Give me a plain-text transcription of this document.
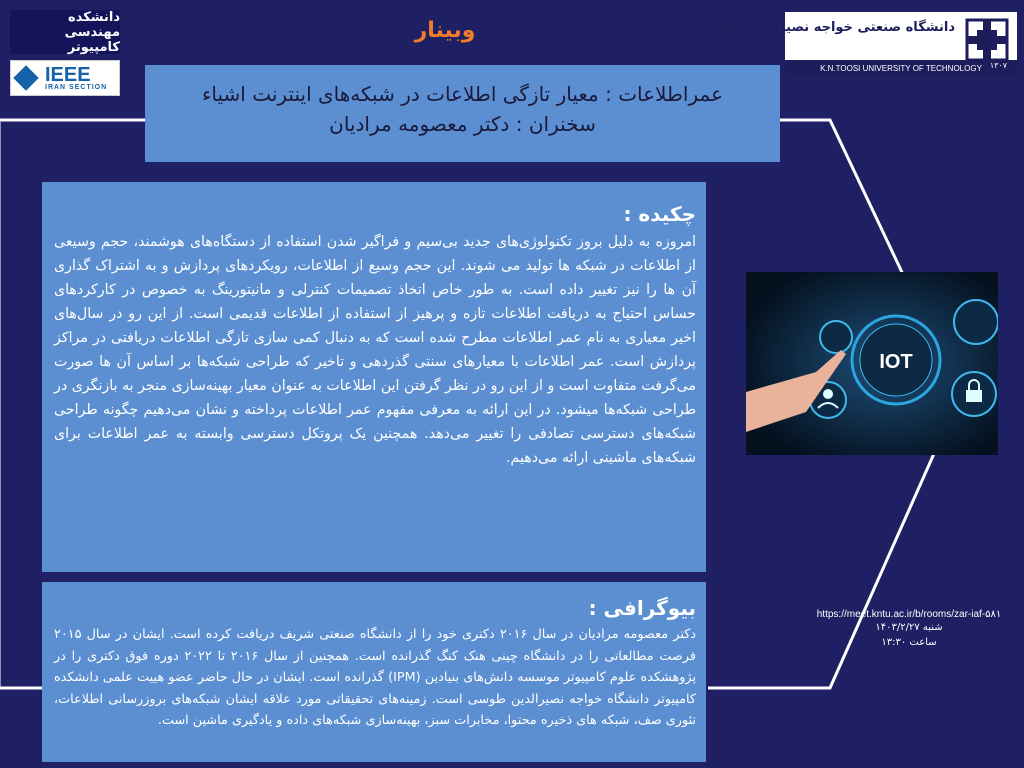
دانشکده مهندسی کامپیوتر
IEEE
IRAN SECTION
وبینار	دانشگاه صنعتی خواجه نصیرالدین طوسی
K.N.TOOSI UNIVERSITY OF TECHNOLOGY ۱۳۰۷
عمراطلاعات : معیار تازگی اطلاعات در شبکه‌های اینترنت اشیاء
سخنران : دکتر معصومه مرادیان
چکیده :

امروزه به دلیل بروز تکنولوژی‌های جدید بی‌سیم و فراگیر شدن استفاده از دستگاه‌های هوشمند، حجم وسیعی از اطلاعات در شبکه ها تولید می شوند. این حجم وسیع از اطلاعات، رویکردهای پردازش و به اشتراک گذاری آن ها را نیز تغییر داده است. به طور خاص اتخاذ تصمیمات کنترلی و مانیتورینگ به خصوص در کارکردهای حساس احتیاج به دریافت اطلاعات تازه و پرهیز از استفاده از اطلاعات قدیمی است. از این رو در سال‌های اخیر معیاری به نام عمر اطلاعات مطرح شده است که به دنبال کمی سازی تازگی اطلاعات دریافتی در مراکز پردازش است. عمر اطلاعات با معیارهای سنتی گذردهی و تاخیر که طراحی شبکه‌ها بر اساس آن ها صورت می‌گرفت متفاوت است و از این رو در نظر گرفتن این اطلاعات به عنوان معیار بهینه‌سازی منجر به بازنگری در طراحی شبکه‌ها میشود. در این ارائه به معرفی مفهوم عمر اطلاعات پرداخته و نشان می‌دهیم چگونه طراحی شبکه‌های دسترسی تصادفی را تغییر می‌دهد. همچنین یک پروتکل دسترسی وابسته به عمر اطلاعات برای شبکه‌های ماشینی ارائه می‌دهیم.

بیوگرافی :

دکتر معصومه مرادیان در سال ۲۰۱۶ دکتری خود را از دانشگاه صنعتی شریف دریافت کرده است. ایشان در سال ۲۰۱۵ فرصت مطالعاتی را در دانشگاه چینی هنک کنگ گذرانده است. همچنین از سال ۲۰۱۶ تا ۲۰۲۲ دوره فوق دکتری را در پژوهشکده علوم کامپیوتر موسسه دانش‌های بنیادین (IPM) گذرانده است. ایشان در حال حاضر عضو هییت علمی دانشکده کامپیوتر دانشگاه خواجه نصیرالدین طوسی است. زمینه‌های تحقیقاتی مورد علاقه ایشان شبکه‌های بروزرسانی اطلاعات، تئوری صف، شبکه های ذخیره محتوا، مخابرات سبز، بهینه‌سازی شبکه‌های داده و یادگیری ماشین است.

IOT
https://meet.kntu.ac.ir/b/rooms/zar-iaf-۵۸۱
شنبه ۱۴۰۳/۲/۲۷
ساعت ۱۳:۳۰
